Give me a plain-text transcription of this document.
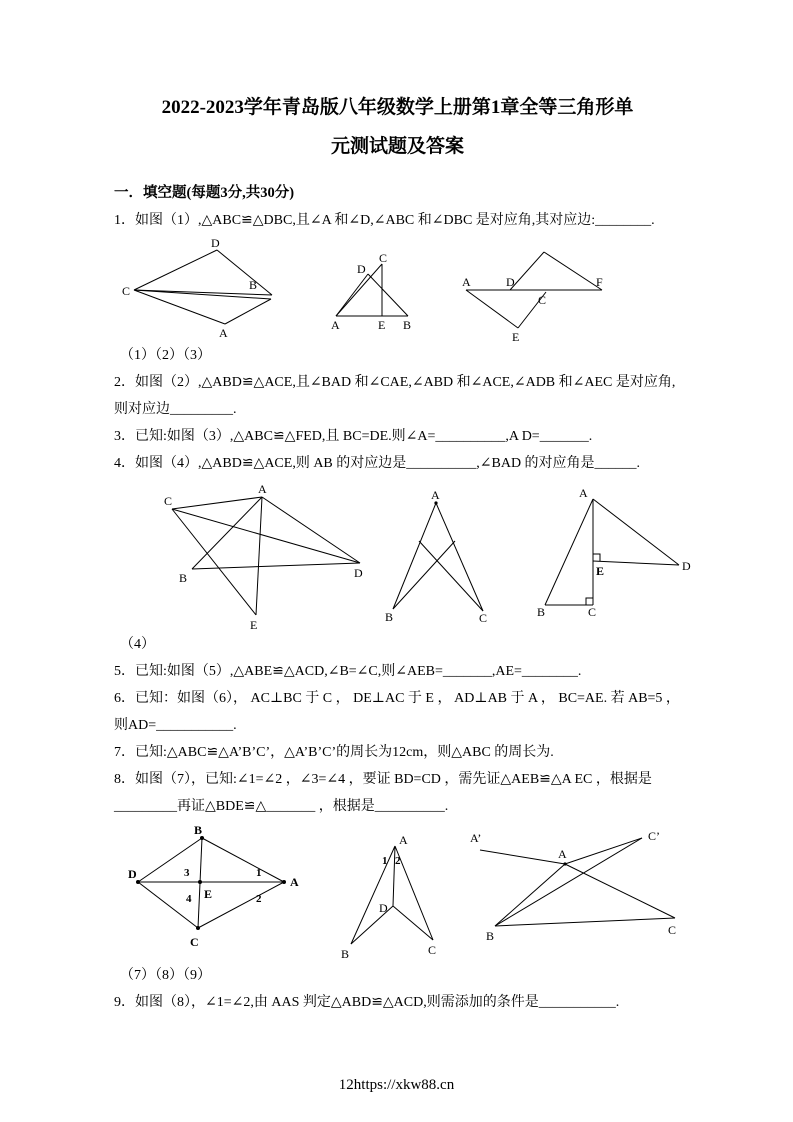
2022-2023学年青岛版八年级数学上册第1章全等三角形单
元测试题及答案
一．填空题(每题3分,共30分)

1．如图（1）,△ABC≌△DBC,且∠A 和∠D,∠ABC 和∠DBC 是对应角,其对应边:________.

C
D
B
A
A	E B
C
D
A	D
C
F
E
（1）（2）（3）

2．如图（2）,△ABD≌△ACE,且∠BAD 和∠CAE,∠ABD 和∠ACE,∠ADB 和∠AEC 是对应角,则对应边_________.

3．已知:如图（3）,△ABC≌△FED,且 BC=DE.则∠A=__________,A D=_______.

4．如图（4）,△ABD≌△ACE,则 AB 的对应边是__________,∠BAD 的对应角是______.

C
A
B	D
E
A
B	C
A
E	D
B	C
（4）

5．已知:如图（5）,△ABE≌△ACD,∠B=∠C,则∠AEB=_______,AE=________.

6．已知：如图（6）， AC⊥BC 于 C ， DE⊥AC 于 E ， AD⊥AB 于 A ， BC=AE. 若 AB=5 ，则AD=___________.

7．已知:△ABC≌△A’B’C’，△A’B’C’的周长为12cm，则△ABC 的周长为.

8．如图（7），已知:∠1=∠2 ，∠3=∠4 ，要证 BD=CD ，需先证△AEB≌△A EC ，根据是_________再证△BDE≌△_______ ，根据是__________.

B
D
E
A
C
3
4
1
2
A
1 2
D
B	C
A’
A
C’
B	C
（7）（8）（9）

9．如图（8），∠1=∠2,由 AAS 判定△ABD≌△ACD,则需添加的条件是___________.

12https://xkw88.cn
